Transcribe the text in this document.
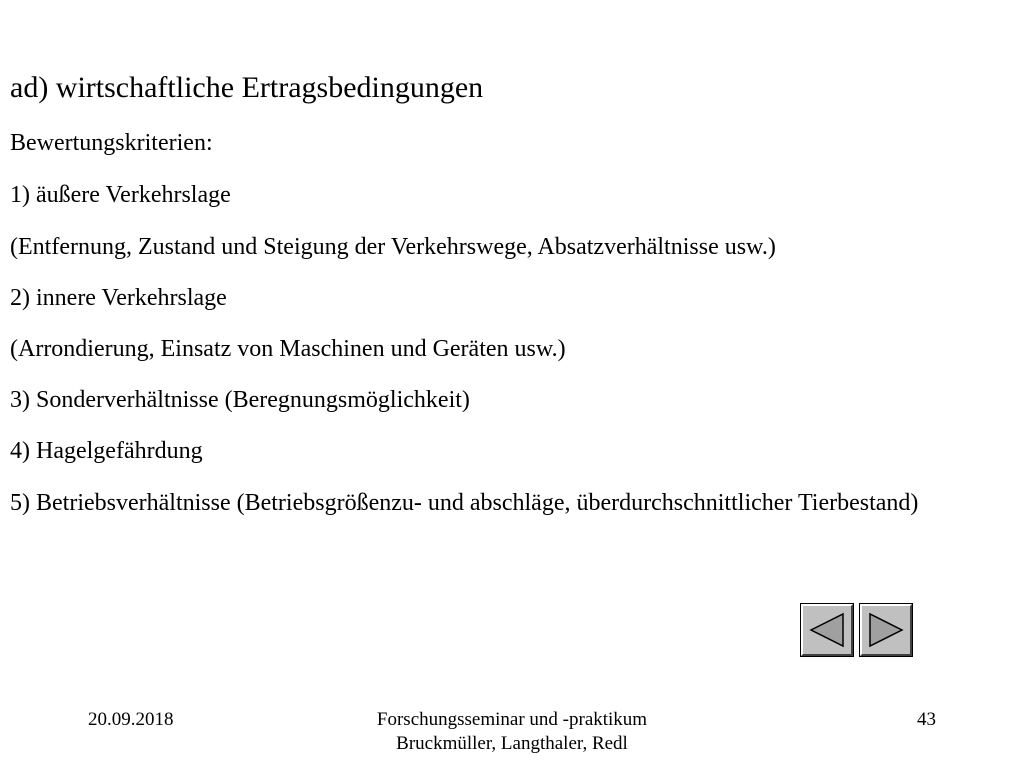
ad) wirtschaftliche Ertragsbedingungen
Bewertungskriterien:
1) äußere Verkehrslage
(Entfernung, Zustand und Steigung der Verkehrswege, Absatzverhältnisse usw.)
2) innere Verkehrslage
(Arrondierung, Einsatz von Maschinen und Geräten usw.)
3) Sonderverhältnisse (Beregnungsmöglichkeit)
4) Hagelgefährdung
5) Betriebsverhältnisse (Betriebsgrößenzu- und abschläge, überdurchschnittlicher Tierbestand)
20.09.2018	Forschungsseminar und -praktikum
Bruckmüller, Langthaler, Redl
43
